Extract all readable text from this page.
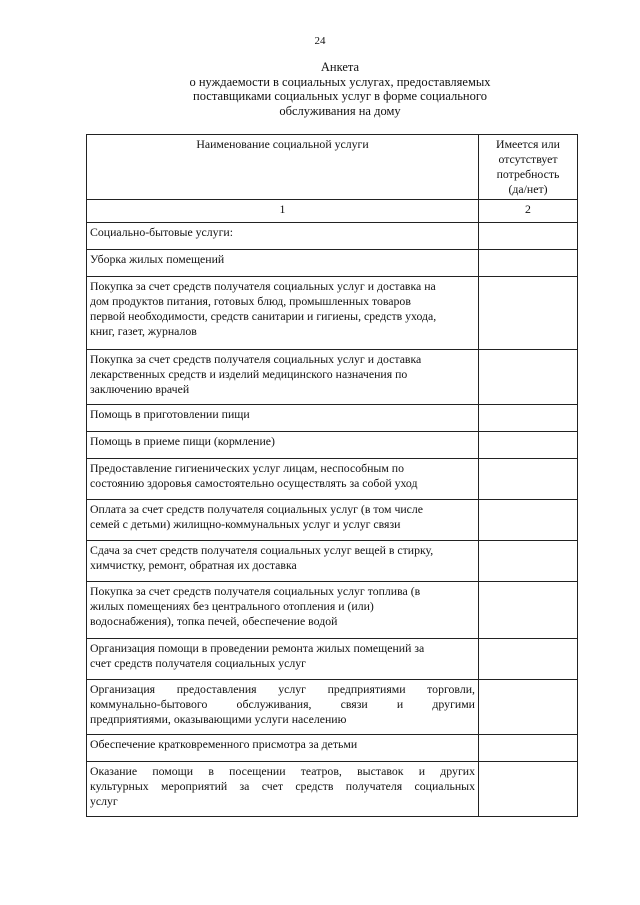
24
Анкета
о нуждаемости в социальных услугах, предоставляемых
поставщиками социальных услуг в форме социального
обслуживания на дому
Наименование социальной услуги	Имеется или
отсутствует
потребность
(да/нет)

1	2

Социально-бытовые услуги:	

Уборка жилых помещений	

Покупка за счет средств получателя социальных услуг и доставка на
дом продуктов питания, готовых блюд, промышленных товаров
первой необходимости, средств санитарии и гигиены, средств ухода,
книг, газет, журналов	

Покупка за счет средств получателя социальных услуг и доставка
лекарственных средств и изделий медицинского назначения по
заключению врачей	

Помощь в приготовлении пищи	

Помощь в приеме пищи (кормление)	

Предоставление гигиенических услуг лицам, неспособным по
состоянию здоровья самостоятельно осуществлять за собой уход	

Оплата за счет средств получателя социальных услуг (в том числе
семей с детьми) жилищно-коммунальных услуг и услуг связи	

Сдача за счет средств получателя социальных услуг вещей в стирку,
химчистку, ремонт, обратная их доставка	

Покупка за счет средств получателя социальных услуг топлива (в
жилых помещениях без центрального отопления и (или)
водоснабжения), топка печей, обеспечение водой	

Организация помощи в проведении ремонта жилых помещений за
счет средств получателя социальных услуг	

Организация предоставления услуг предприятиями торговли,
коммунально-бытового обслуживания, связи и другими
предприятиями, оказывающими услуги населению	

Обеспечение кратковременного присмотра за детьми	

Оказание помощи в посещении театров, выставок и других
культурных мероприятий за счет средств получателя социальных
услуг	
